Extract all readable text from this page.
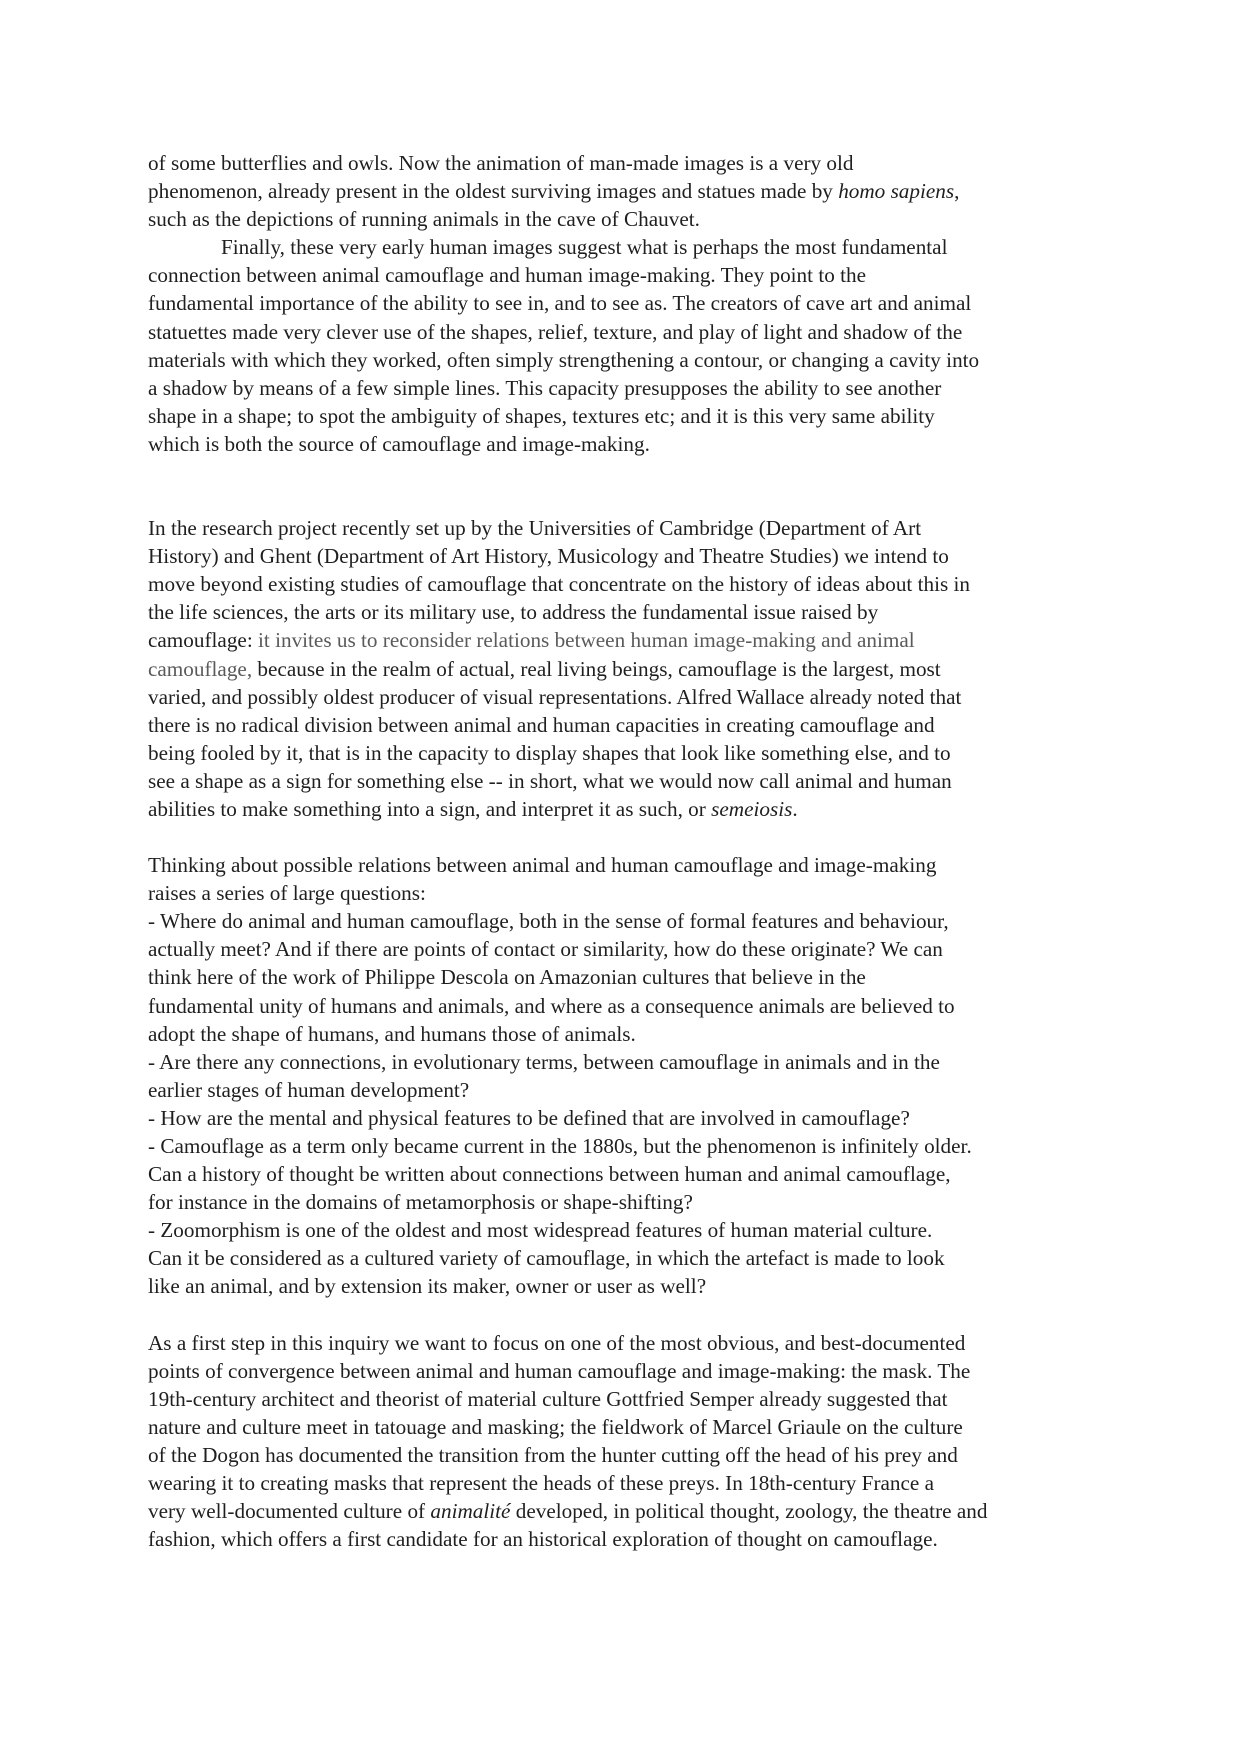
of some butterflies and owls. Now the animation of man-made images is a very old
phenomenon, already present in the oldest surviving images and statues made by homo sapiens,
such as the depictions of running animals in the cave of Chauvet.

Finally, these very early human images suggest what is perhaps the most fundamental
connection between animal camouflage and human image-making. They point to the
fundamental importance of the ability to see in, and to see as. The creators of cave art and animal
statuettes made very clever use of the shapes, relief, texture, and play of light and shadow of the
materials with which they worked, often simply strengthening a contour, or changing a cavity into
a shadow by means of a few simple lines. This capacity presupposes the ability to see another
shape in a shape; to spot the ambiguity of shapes, textures etc; and it is this very same ability
which is both the source of camouflage and image-making.

In the research project recently set up by the Universities of Cambridge (Department of Art
History) and Ghent (Department of Art History, Musicology and Theatre Studies) we intend to
move beyond existing studies of camouflage that concentrate on the history of ideas about this in
the life sciences, the arts or its military use, to address the fundamental issue raised by
camouflage: it invites us to reconsider relations between human image-making and animal
camouflage, because in the realm of actual, real living beings, camouflage is the largest, most
varied, and possibly oldest producer of visual representations. Alfred Wallace already noted that
there is no radical division between animal and human capacities in creating camouflage and
being fooled by it, that is in the capacity to display shapes that look like something else, and to
see a shape as a sign for something else -- in short, what we would now call animal and human
abilities to make something into a sign, and interpret it as such, or semeiosis.

Thinking about possible relations between animal and human camouflage and image-making
raises a series of large questions:
- Where do animal and human camouflage, both in the sense of formal features and behaviour,
actually meet? And if there are points of contact or similarity, how do these originate? We can
think here of the work of Philippe Descola on Amazonian cultures that believe in the
fundamental unity of humans and animals, and where as a consequence animals are believed to
adopt the shape of humans, and humans those of animals.
- Are there any connections, in evolutionary terms, between camouflage in animals and in the
earlier stages of human development?
- How are the mental and physical features to be defined that are involved in camouflage?
- Camouflage as a term only became current in the 1880s, but the phenomenon is infinitely older.
Can a history of thought be written about connections between human and animal camouflage,
for instance in the domains of metamorphosis or shape-shifting?
- Zoomorphism is one of the oldest and most widespread features of human material culture.
Can it be considered as a cultured variety of camouflage, in which the artefact is made to look
like an animal, and by extension its maker, owner or user as well?

As a first step in this inquiry we want to focus on one of the most obvious, and best-documented
points of convergence between animal and human camouflage and image-making: the mask. The
19th-century architect and theorist of material culture Gottfried Semper already suggested that
nature and culture meet in tatouage and masking; the fieldwork of Marcel Griaule on the culture
of the Dogon has documented the transition from the hunter cutting off the head of his prey and
wearing it to creating masks that represent the heads of these preys. In 18th-century France a
very well-documented culture of animalité developed, in political thought, zoology, the theatre and
fashion, which offers a first candidate for an historical exploration of thought on camouflage.
